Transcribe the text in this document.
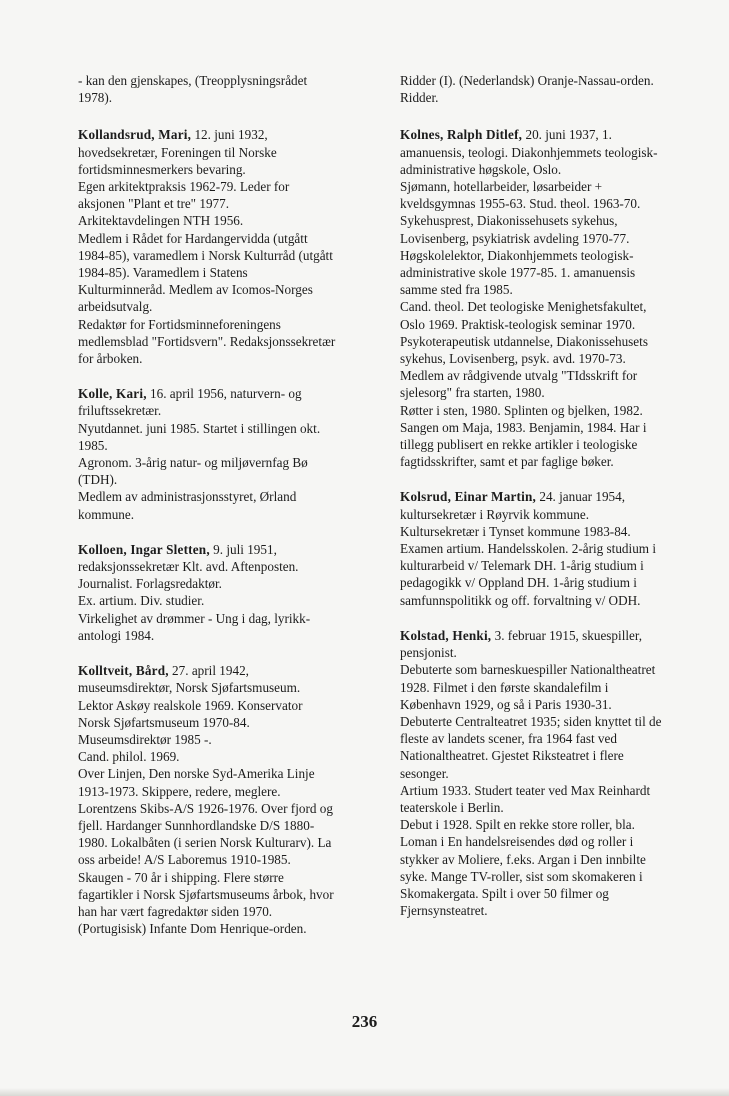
- kan den gjenskapes, (Treopplysningsrådet
1978).
Kollandsrud, Mari, 12. juni 1932,
hovedsekretær, Foreningen til Norske
fortidsminnesmerkers bevaring.
Egen arkitektpraksis 1962-79. Leder for
aksjonen "Plant et tre" 1977.
Arkitektavdelingen NTH 1956.
Medlem i Rådet for Hardangervidda (utgått
1984-85), varamedlem i Norsk Kulturråd (utgått
1984-85). Varamedlem i Statens
Kulturminneråd. Medlem av Icomos-Norges
arbeidsutvalg.
Redaktør for Fortidsminneforeningens
medlemsblad "Fortidsvern". Redaksjonssekretær
for årboken.
Kolle, Kari, 16. april 1956, naturvern- og
friluftssekretær.
Nyutdannet. juni 1985. Startet i stillingen okt.
1985.
Agronom. 3-årig natur- og miljøvernfag Bø
(TDH).
Medlem av administrasjonsstyret, Ørland
kommune.
Kolloen, Ingar Sletten, 9. juli 1951,
redaksjonssekretær Klt. avd. Aftenposten.
Journalist. Forlagsredaktør.
Ex. artium. Div. studier.
Virkelighet av drømmer - Ung i dag, lyrikk-
antologi 1984.
Kolltveit, Bård, 27. april 1942,
museumsdirektør, Norsk Sjøfartsmuseum.
Lektor Askøy realskole 1969. Konservator
Norsk Sjøfartsmuseum 1970-84.
Museumsdirektør 1985 -.
Cand. philol. 1969.
Over Linjen, Den norske Syd-Amerika Linje
1913-1973. Skippere, redere, meglere.
Lorentzens Skibs-A/S 1926-1976. Over fjord og
fjell. Hardanger Sunnhordlandske D/S 1880-
1980. Lokalbåten (i serien Norsk Kulturarv). La
oss arbeide! A/S Laboremus 1910-1985.
Skaugen - 70 år i shipping. Flere større
fagartikler i Norsk Sjøfartsmuseums årbok, hvor
han har vært fagredaktør siden 1970.
(Portugisisk) Infante Dom Henrique-orden.
Ridder (I). (Nederlandsk) Oranje-Nassau-orden.
Ridder.
Kolnes, Ralph Ditlef, 20. juni 1937, 1.
amanuensis, teologi. Diakonhjemmets teologisk-
administrative høgskole, Oslo.
Sjømann, hotellarbeider, løsarbeider +
kveldsgymnas 1955-63. Stud. theol. 1963-70.
Sykehusprest, Diakonissehusets sykehus,
Lovisenberg, psykiatrisk avdeling 1970-77.
Høgskolelektor, Diakonhjemmets teologisk-
administrative skole 1977-85. 1. amanuensis
samme sted fra 1985.
Cand. theol. Det teologiske Menighetsfakultet,
Oslo 1969. Praktisk-teologisk seminar 1970.
Psykoterapeutisk utdannelse, Diakonissehusets
sykehus, Lovisenberg, psyk. avd. 1970-73.
Medlem av rådgivende utvalg "TIdsskrift for
sjelesorg" fra starten, 1980.
Røtter i sten, 1980. Splinten og bjelken, 1982.
Sangen om Maja, 1983. Benjamin, 1984. Har i
tillegg publisert en rekke artikler i teologiske
fagtidsskrifter, samt et par faglige bøker.
Kolsrud, Einar Martin, 24. januar 1954,
kultursekretær i Røyrvik kommune.
Kultursekretær i Tynset kommune 1983-84.
Examen artium. Handelsskolen. 2-årig studium i
kulturarbeid v/ Telemark DH. 1-årig studium i
pedagogikk v/ Oppland DH. 1-årig studium i
samfunnspolitikk og off. forvaltning v/ ODH.
Kolstad, Henki, 3. februar 1915, skuespiller,
pensjonist.
Debuterte som barneskuespiller Nationaltheatret
1928. Filmet i den første skandalefilm i
København 1929, og så i Paris 1930-31.
Debuterte Centralteatret 1935; siden knyttet til de
fleste av landets scener, fra 1964 fast ved
Nationaltheatret. Gjestet Riksteatret i flere
sesonger.
Artium 1933. Studert teater ved Max Reinhardt
teaterskole i Berlin.
Debut i 1928. Spilt en rekke store roller, bla.
Loman i En handelsreisendes død og roller i
stykker av Moliere, f.eks. Argan i Den innbilte
syke. Mange TV-roller, sist som skomakeren i
Skomakergata. Spilt i over 50 filmer og
Fjernsynsteatret.
236
